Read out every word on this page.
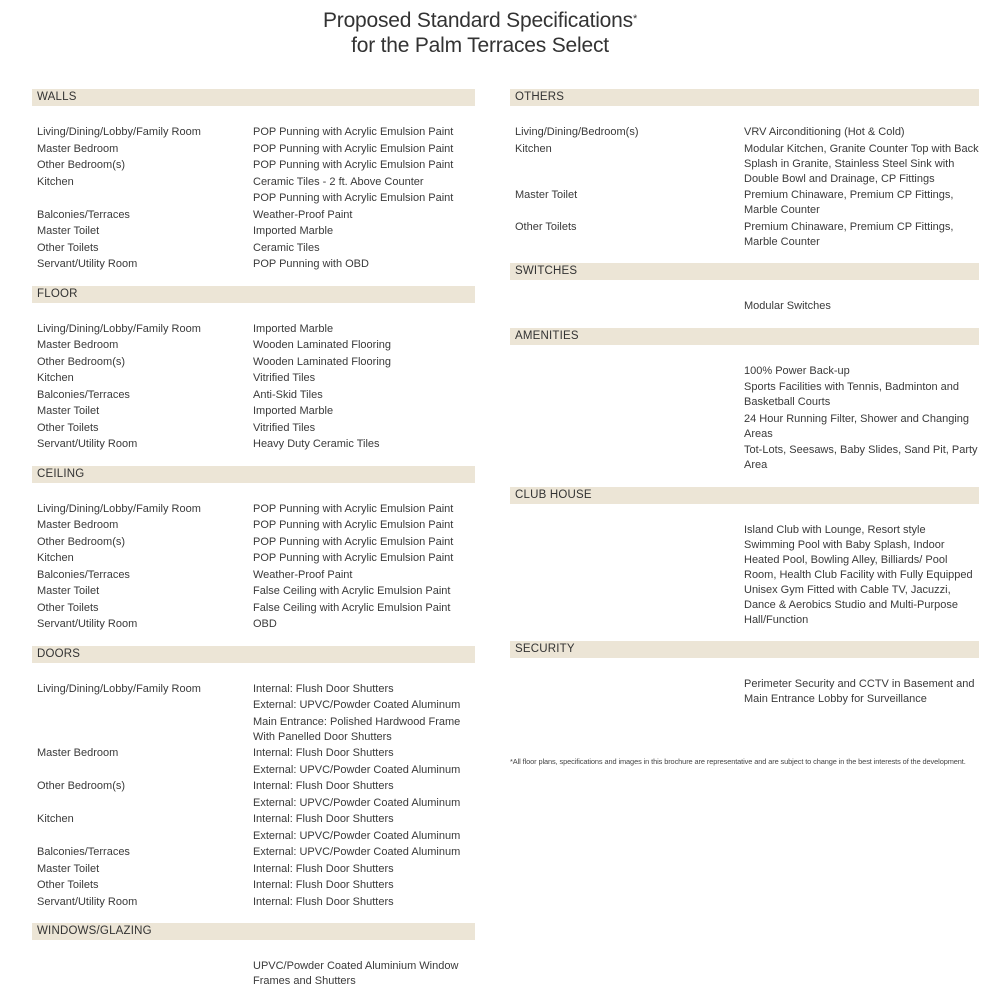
Proposed Standard Specifications*
for the Palm Terraces Select
WALLS
Living/Dining/Lobby/Family Room	POP Punning with Acrylic Emulsion Paint
Master Bedroom	POP Punning with Acrylic Emulsion Paint
Other Bedroom(s)	POP Punning with Acrylic Emulsion Paint
Kitchen	Ceramic Tiles - 2 ft. Above Counter
POP Punning with Acrylic Emulsion Paint
Balconies/Terraces	Weather-Proof Paint
Master Toilet	Imported Marble
Other Toilets	Ceramic Tiles
Servant/Utility Room	POP Punning with OBD
FLOOR
Living/Dining/Lobby/Family Room	Imported Marble
Master Bedroom	Wooden Laminated Flooring
Other Bedroom(s)	Wooden Laminated Flooring
Kitchen	Vitrified Tiles
Balconies/Terraces	Anti-Skid Tiles
Master Toilet	Imported Marble
Other Toilets	Vitrified Tiles
Servant/Utility Room	Heavy Duty Ceramic Tiles
CEILING
Living/Dining/Lobby/Family Room	POP Punning with Acrylic Emulsion Paint
Master Bedroom	POP Punning with Acrylic Emulsion Paint
Other Bedroom(s)	POP Punning with Acrylic Emulsion Paint
Kitchen	POP Punning with Acrylic Emulsion Paint
Balconies/Terraces	Weather-Proof Paint
Master Toilet	False Ceiling with Acrylic Emulsion Paint
Other Toilets	False Ceiling with Acrylic Emulsion Paint
Servant/Utility Room	OBD
DOORS
Living/Dining/Lobby/Family Room	Internal: Flush Door Shutters
External: UPVC/Powder Coated Aluminum
Main Entrance: Polished Hardwood Frame With Panelled Door Shutters
Master Bedroom	Internal: Flush Door Shutters
External: UPVC/Powder Coated Aluminum
Other Bedroom(s)	Internal: Flush Door Shutters
External: UPVC/Powder Coated Aluminum
Kitchen	Internal: Flush Door Shutters
External: UPVC/Powder Coated Aluminum
Balconies/Terraces	External: UPVC/Powder Coated Aluminum
Master Toilet	Internal: Flush Door Shutters
Other Toilets	Internal: Flush Door Shutters
Servant/Utility Room	Internal: Flush Door Shutters
WINDOWS/GLAZING
UPVC/Powder Coated Aluminium Window Frames and Shutters
OTHERS
Living/Dining/Bedroom(s)	VRV Airconditioning (Hot & Cold)
Kitchen	Modular Kitchen, Granite Counter Top with Back Splash in Granite, Stainless Steel Sink with Double Bowl and Drainage, CP Fittings
Master Toilet	Premium Chinaware, Premium CP Fittings, Marble Counter
Other Toilets	Premium Chinaware, Premium CP Fittings, Marble Counter
SWITCHES
Modular Switches
AMENITIES
100% Power Back-up
Sports Facilities with Tennis, Badminton and Basketball Courts
24 Hour Running Filter, Shower and Changing Areas
Tot-Lots, Seesaws, Baby Slides, Sand Pit, Party Area
CLUB HOUSE
Island Club with Lounge, Resort style Swimming Pool with Baby Splash, Indoor Heated Pool, Bowling Alley, Billiards/ Pool Room, Health Club Facility with Fully Equipped Unisex Gym Fitted with Cable TV, Jacuzzi, Dance & Aerobics Studio and Multi-Purpose Hall/Function
SECURITY
Perimeter Security and CCTV in Basement and Main Entrance Lobby for Surveillance
*All floor plans, specifications and images in this brochure are representative and are subject to change in the best interests of the development.
